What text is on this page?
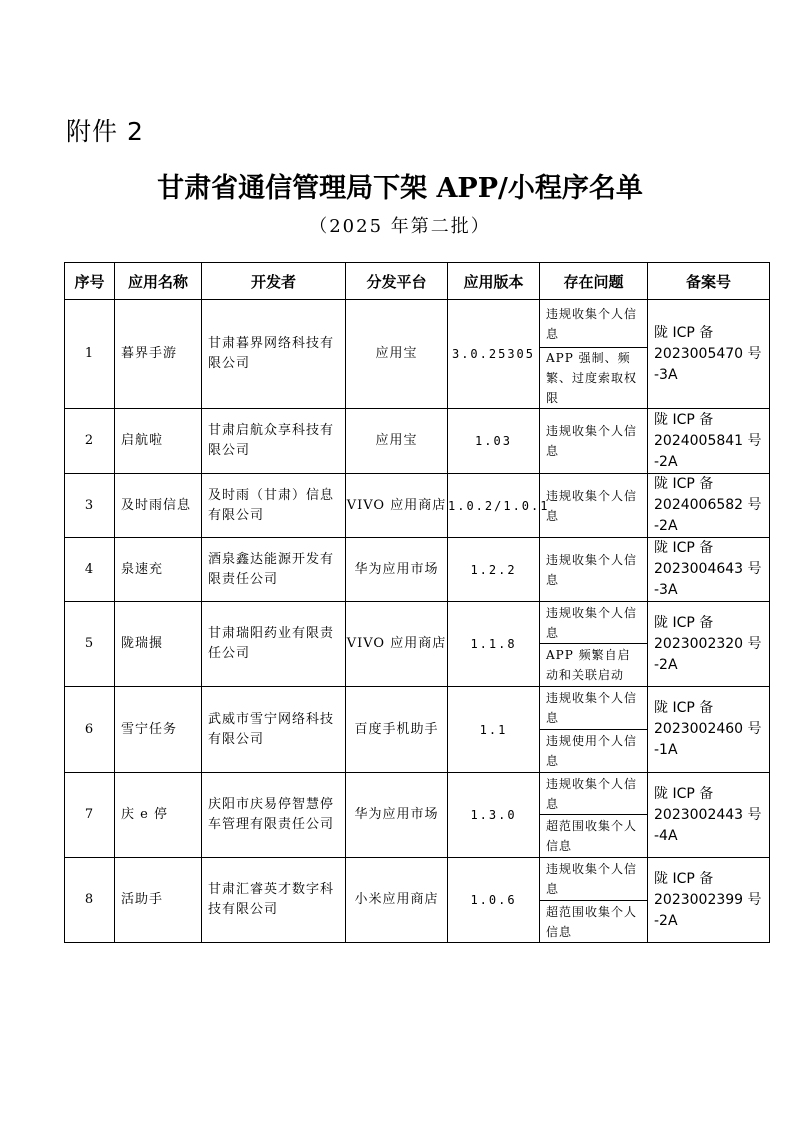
附件 2
甘肃省通信管理局下架 APP/小程序名单
（2025 年第二批）
序号	应用名称	开发者	分发平台	应用版本	存在问题	备案号
1	暮界手游	甘肃暮界网络科技有限公司	应用宝	3.0.25305	违规收集个人信息	陇 ICP 备 2023005470 号 -3A
					APP 强制、频繁、过度索取权限	
2	启航啦	甘肃启航众享科技有限公司	应用宝	1.03	违规收集个人信息	陇 ICP 备 2024005841 号 -2A
3	及时雨信息	及时雨（甘肃）信息有限公司	VIVO 应用商店	1.0.2/1.0.1	违规收集个人信息	陇 ICP 备 2024006582 号 -2A
4	泉速充	酒泉鑫达能源开发有限责任公司	华为应用市场	1.2.2	违规收集个人信息	陇 ICP 备 2023004643 号 -3A
5	陇瑞搌	甘肃瑞阳药业有限责任公司	VIVO 应用商店	1.1.8	违规收集个人信息	陇 ICP 备 2023002320 号 -2A
					APP 频繁自启动和关联启动	
6	雪宁任务	武威市雪宁网络科技有限公司	百度手机助手	1.1	违规收集个人信息	陇 ICP 备 2023002460 号 -1A
					违规使用个人信息	
7	庆 e 停	庆阳市庆易停智慧停车管理有限责任公司	华为应用市场	1.3.0	违规收集个人信息	陇 ICP 备 2023002443 号 -4A
					超范围收集个人信息	
8	活助手	甘肃汇睿英才数字科技有限公司	小米应用商店	1.0.6	违规收集个人信息	陇 ICP 备 2023002399 号 -2A
					超范围收集个人信息	
